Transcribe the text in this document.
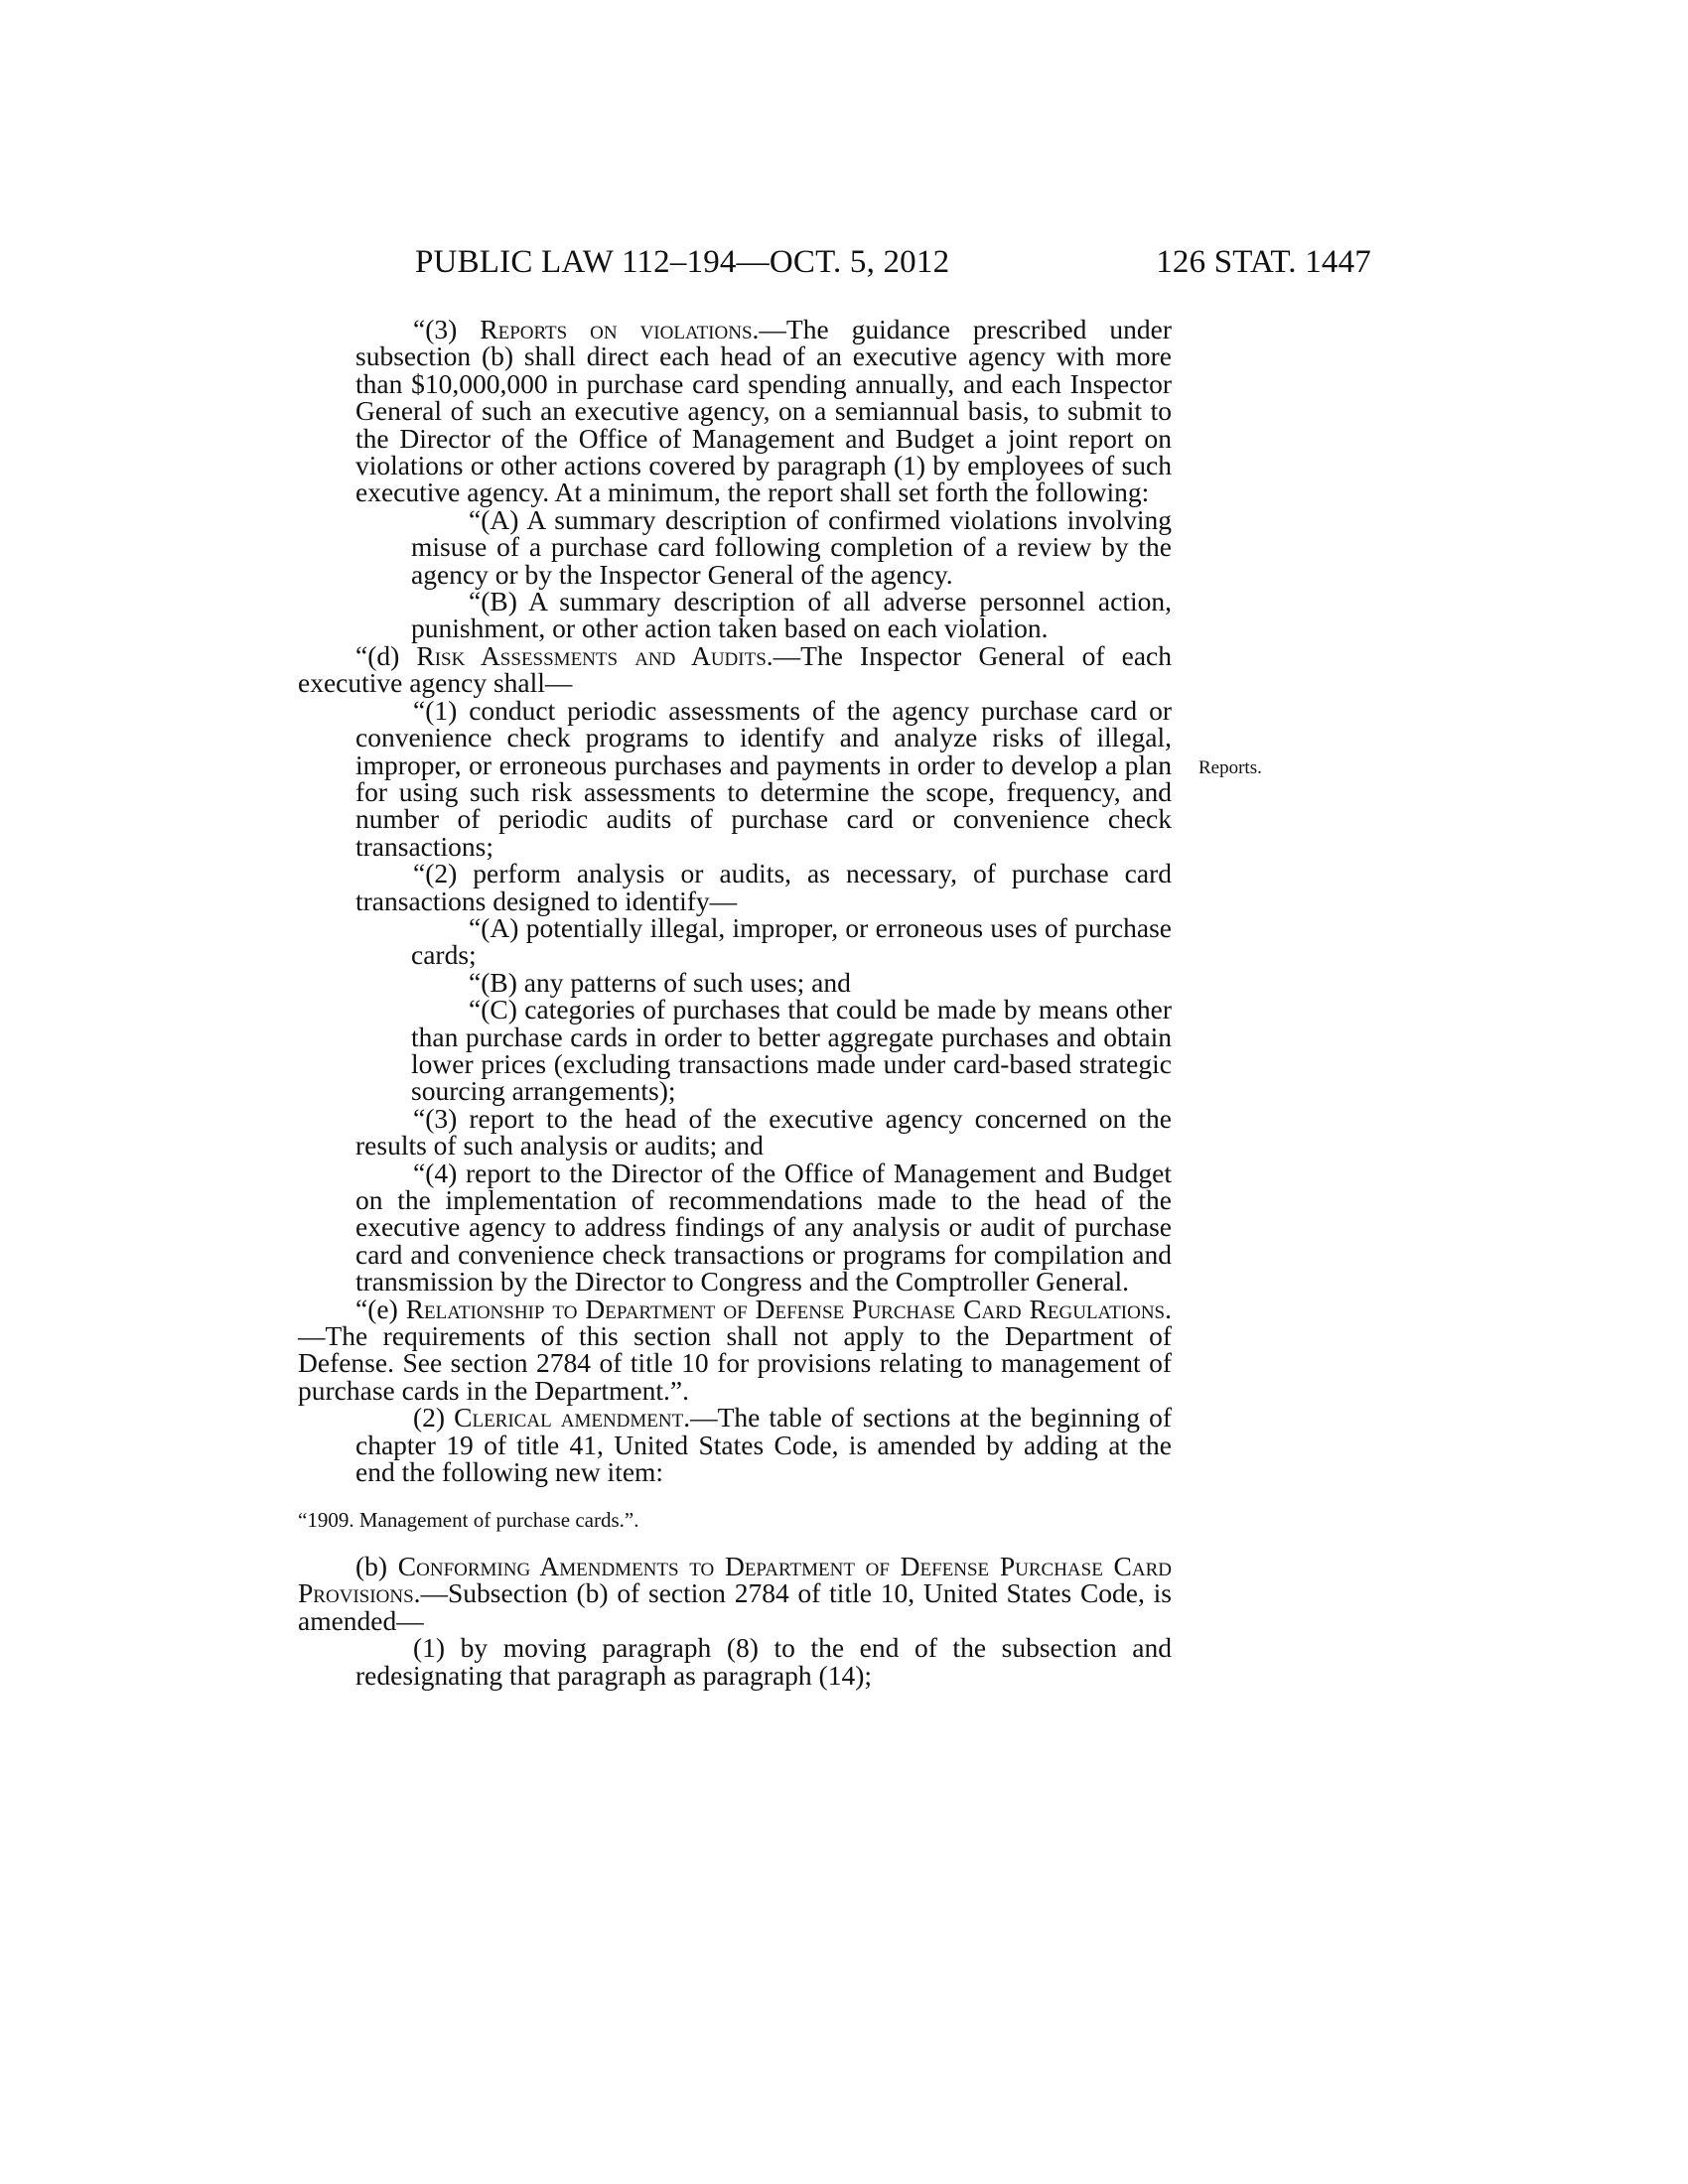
PUBLIC LAW 112–194—OCT. 5, 2012	126 STAT. 1447
Reports.

“(3) Reports on violations.—The guidance prescribed under subsection (b) shall direct each head of an executive agency with more than $10,000,000 in purchase card spending annually, and each Inspector General of such an executive agency, on a semiannual basis, to submit to the Director of the Office of Management and Budget a joint report on violations or other actions covered by paragraph (1) by employees of such executive agency. At a minimum, the report shall set forth the following:

“(A) A summary description of confirmed violations involving misuse of a purchase card following completion of a review by the agency or by the Inspector General of the agency.

“(B) A summary description of all adverse personnel action, punishment, or other action taken based on each violation.

“(d) Risk Assessments and Audits.—The Inspector General of each executive agency shall—

“(1) conduct periodic assessments of the agency purchase card or convenience check programs to identify and analyze risks of illegal, improper, or erroneous purchases and payments in order to develop a plan for using such risk assessments to determine the scope, frequency, and number of periodic audits of purchase card or convenience check transactions;

“(2) perform analysis or audits, as necessary, of purchase card transactions designed to identify—

“(A) potentially illegal, improper, or erroneous uses of purchase cards;

“(B) any patterns of such uses; and

“(C) categories of purchases that could be made by means other than purchase cards in order to better aggregate purchases and obtain lower prices (excluding transactions made under card-based strategic sourcing arrangements);

“(3) report to the head of the executive agency concerned on the results of such analysis or audits; and

“(4) report to the Director of the Office of Management and Budget on the implementation of recommendations made to the head of the executive agency to address findings of any analysis or audit of purchase card and convenience check transactions or programs for compilation and transmission by the Director to Congress and the Comptroller General.

“(e) Relationship to Department of Defense Purchase Card Regulations.—The requirements of this section shall not apply to the Department of Defense. See section 2784 of title 10 for provisions relating to management of purchase cards in the Department.”.

(2) Clerical amendment.—The table of sections at the beginning of chapter 19 of title 41, United States Code, is amended by adding at the end the following new item:

“1909. Management of purchase cards.”.

(b) Conforming Amendments to Department of Defense Purchase Card Provisions.—Subsection (b) of section 2784 of title 10, United States Code, is amended—

(1) by moving paragraph (8) to the end of the subsection and redesignating that paragraph as paragraph (14);
